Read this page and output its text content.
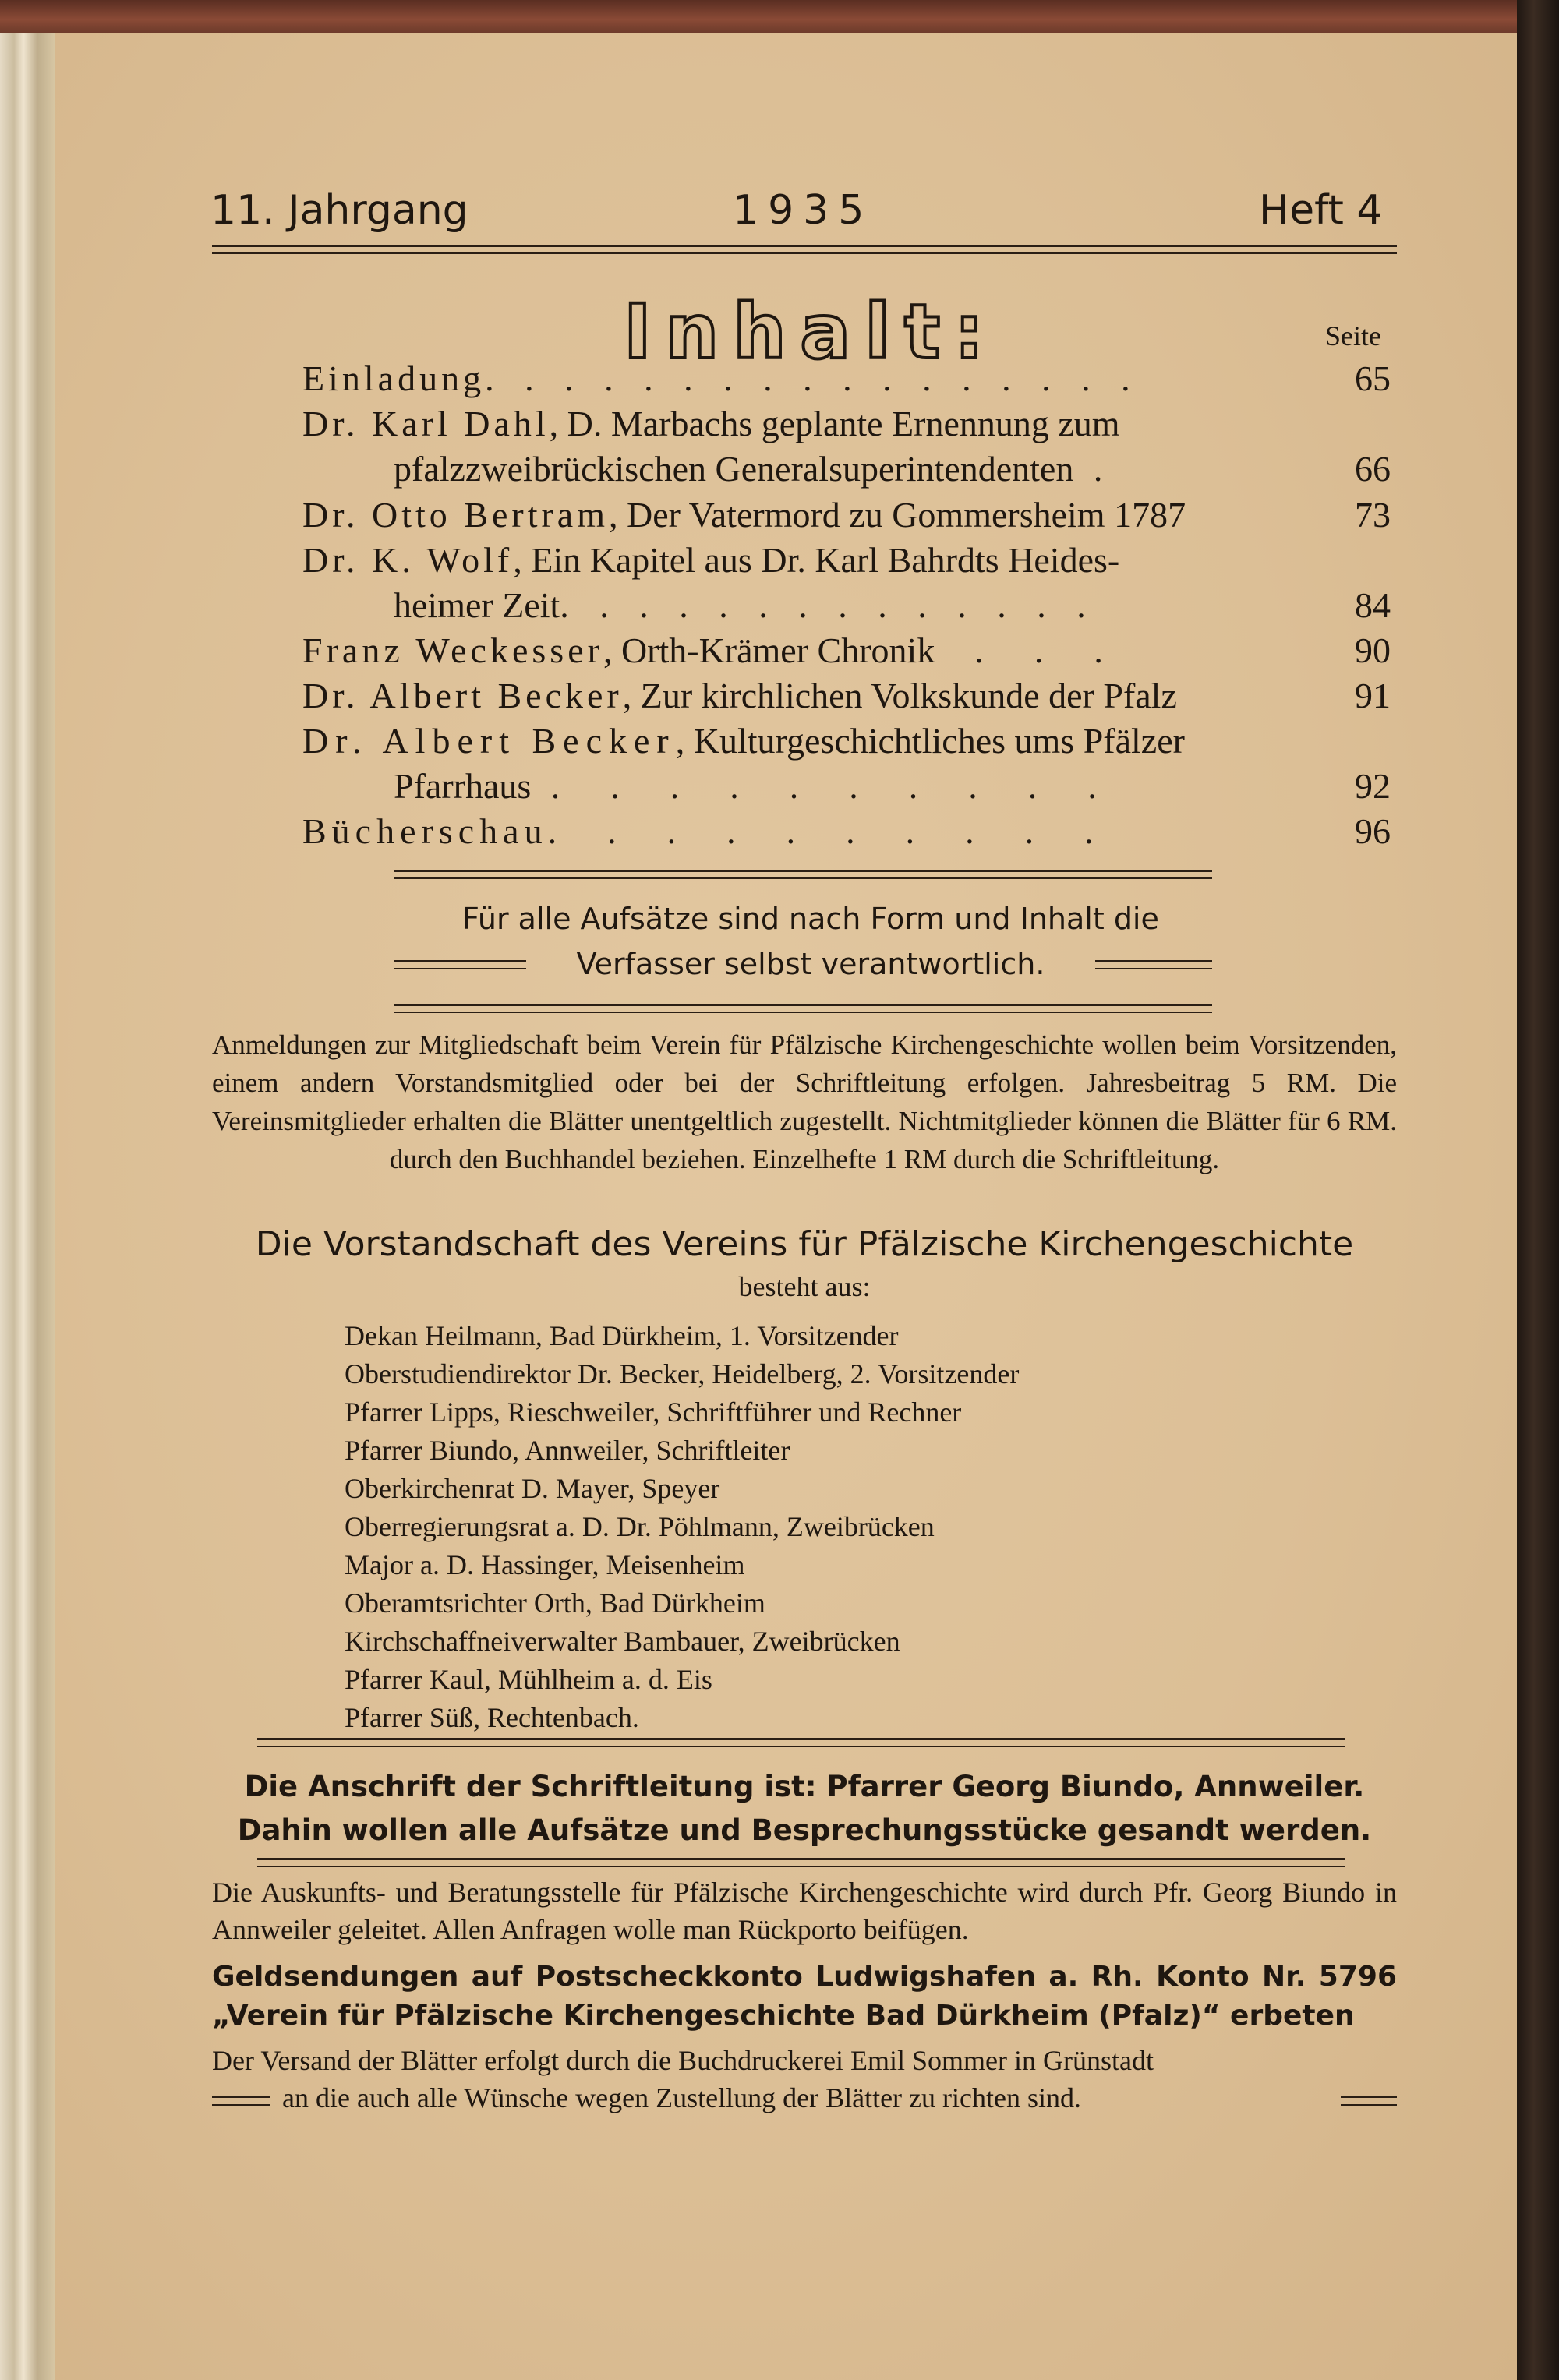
11. Jahrgang	1935	Heft 4
Inhalt:	Seite
Einladung. . . . . . . . . . . . . . . . .	65
Dr. Karl Dahl, D. Marbachs geplante Ernennung zum
pfalzzweibrückischen Generalsuperintendenten .	66
Dr. Otto Bertram, Der Vatermord zu Gommersheim 1787	73
Dr. K. Wolf, Ein Kapitel aus Dr. Karl Bahrdts Heides-
heimer Zeit. . . . . . . . . . . . . .	84
Franz Weckesser, Orth-Krämer Chronik  .  .  .	90
Dr. Albert Becker, Zur kirchlichen Volkskunde der Pfalz	91
Dr. Albert Becker, Kulturgeschichtliches ums Pfälzer
Pfarrhaus .  .  .  .  .  .  .  .  .  .	92
Bücherschau.  .  .  .  .  .  .  .  .  .	96
Für alle Aufsätze sind nach Form und Inhalt die
Verfasser selbst verantwortlich.
Anmeldungen zur Mitgliedschaft beim Verein für Pfälzische Kirchengeschichte wollen beim Vorsitzenden, einem andern Vorstandsmitglied oder bei der Schriftleitung erfolgen. Jahresbeitrag 5 RM. Die Vereinsmitglieder erhalten die Blätter unentgeltlich zugestellt. Nichtmitglieder können die Blätter für 6 RM. durch den Buchhandel beziehen. Einzelhefte 1 RM durch die Schriftleitung.
Die Vorstandschaft des Vereins für Pfälzische Kirchengeschichte
besteht aus:
Dekan Heilmann, Bad Dürkheim, 1. Vorsitzender
Oberstudiendirektor Dr. Becker, Heidelberg, 2. Vorsitzender
Pfarrer Lipps, Rieschweiler, Schriftführer und Rechner
Pfarrer Biundo, Annweiler, Schriftleiter
Oberkirchenrat D. Mayer, Speyer
Oberregierungsrat a. D. Dr. Pöhlmann, Zweibrücken
Major a. D. Hassinger, Meisenheim
Oberamtsrichter Orth, Bad Dürkheim
Kirchschaffneiverwalter Bambauer, Zweibrücken
Pfarrer Kaul, Mühlheim a. d. Eis
Pfarrer Süß, Rechtenbach.
Die Anschrift der Schriftleitung ist: Pfarrer Georg Biundo, Annweiler.
Dahin wollen alle Aufsätze und Besprechungsstücke gesandt werden.
Die Auskunfts- und Beratungsstelle für Pfälzische Kirchengeschichte wird durch Pfr. Georg Biundo in Annweiler geleitet. Allen Anfragen wolle man Rückporto beifügen.
Geldsendungen auf Postscheckkonto Ludwigshafen a. Rh. Konto Nr. 5796 „Verein für Pfälzische Kirchengeschichte Bad Dürkheim (Pfalz)“ erbeten
Der Versand der Blätter erfolgt durch die Buchdruckerei Emil Sommer in Grünstadt
an die auch alle Wünsche wegen Zustellung der Blätter zu richten sind.
